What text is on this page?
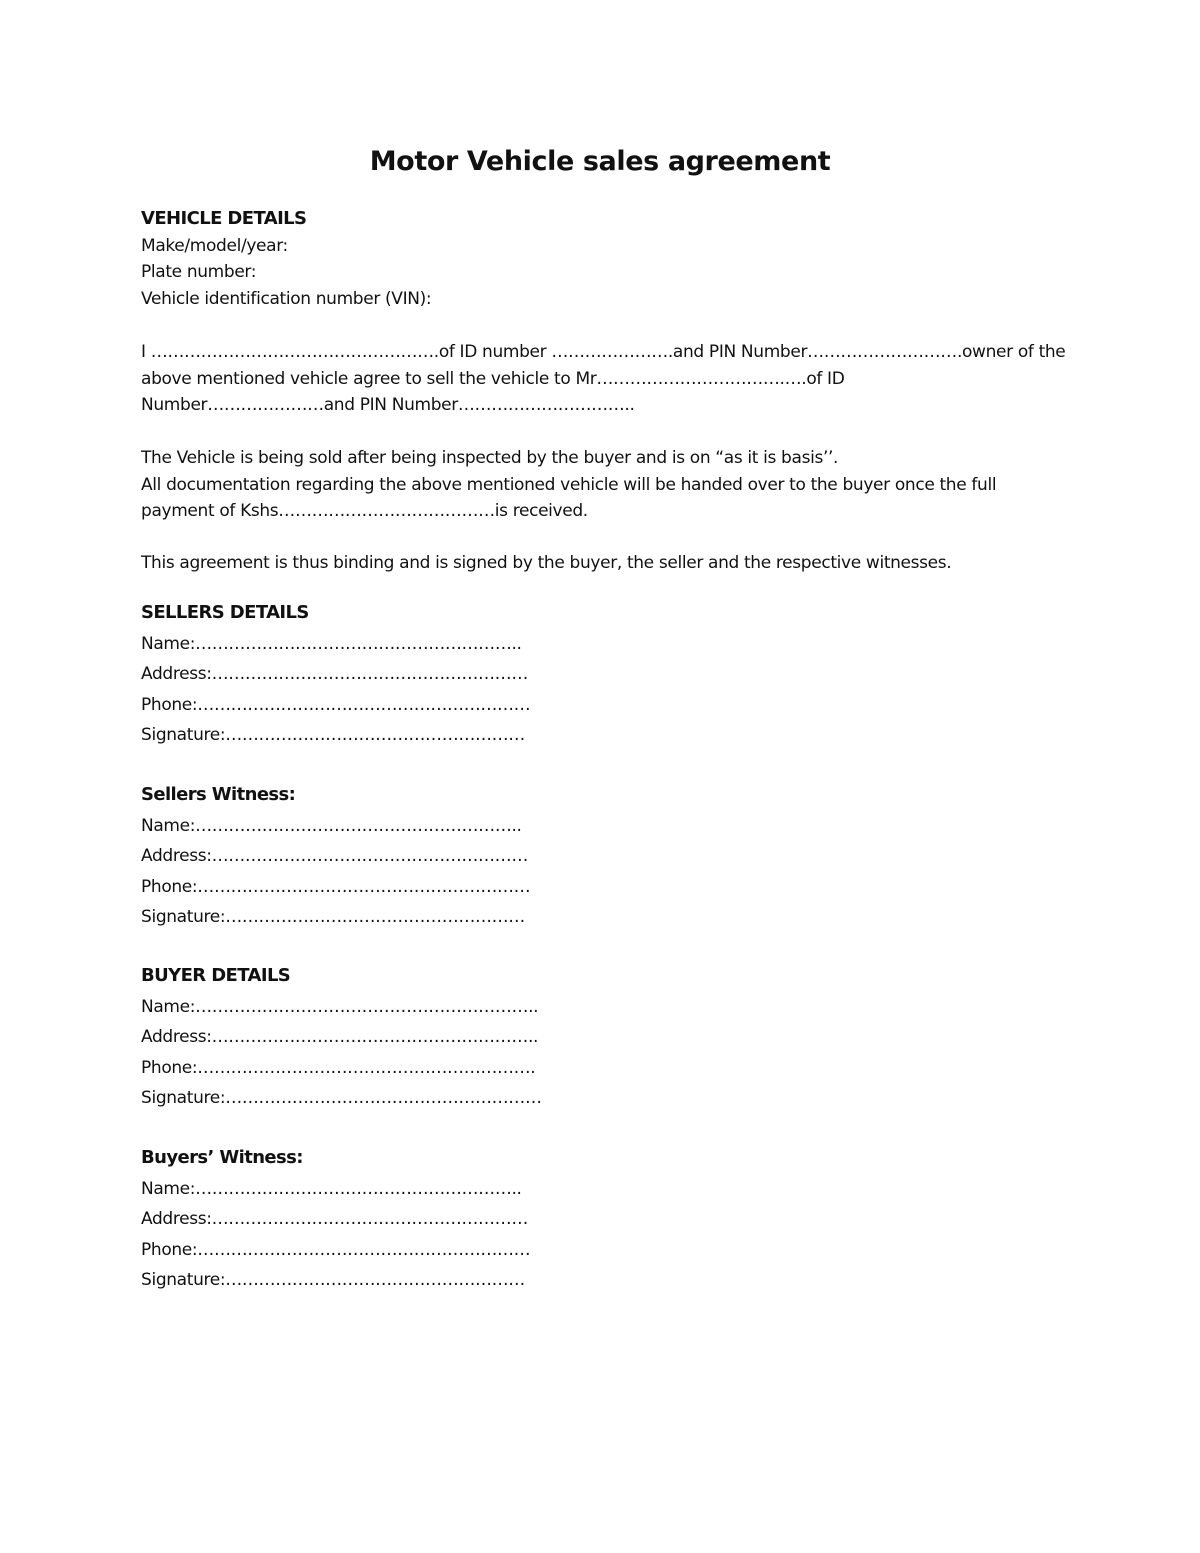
Motor Vehicle sales agreement
VEHICLE DETAILS
Make/model/year:
Plate number:
Vehicle identification number (VIN):
I …………………………………………….of ID number ………………….and PIN Number……………………….owner of the
above mentioned vehicle agree to sell the vehicle to Mr…………………………….….of ID
Number…………………and PIN Number…………………………..
The Vehicle is being sold after being inspected by the buyer and is on “as it is basis’’.
All documentation regarding the above mentioned vehicle will be handed over to the buyer once the full
payment of Kshs…………………………………is received.
This agreement is thus binding and is signed by the buyer, the seller and the respective witnesses.
SELLERS DETAILS
Name:…………………………………………………..
Address:…………………………………………………
Phone:……………………………………………………
Signature:………………………………………………
Sellers Witness:
Name:…………………………………………………..
Address:…………………………………………………
Phone:……………………………………………………
Signature:………………………………………………
BUYER DETAILS
Name:……………………………………………………..
Address:…………………………………………………..
Phone:…………………………………………………….
Signature:…………………………………………………
Buyers’ Witness:
Name:…………………………………………………..
Address:…………………………………………………
Phone:……………………………………………………
Signature:………………………………………………
